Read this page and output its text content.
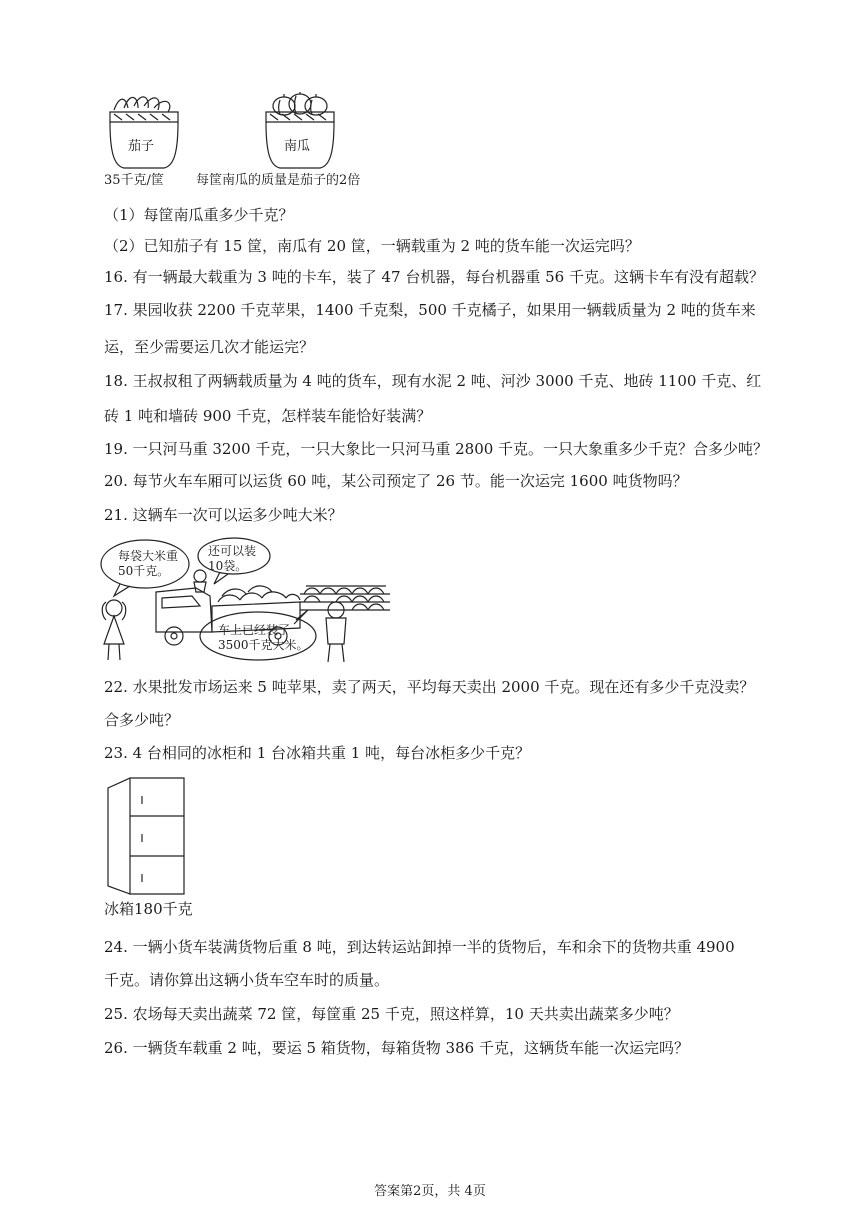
茄子	南瓜
35千克/筐 每筐南瓜的质量是茄子的2倍
（1）每筐南瓜重多少千克？
（2）已知茄子有 15 筐，南瓜有 20 筐，一辆载重为 2 吨的货车能一次运完吗？
16. 有一辆最大载重为 3 吨的卡车，装了 47 台机器，每台机器重 56 千克。这辆卡车有没有超载？
17. 果园收获 2200 千克苹果，1400 千克梨，500 千克橘子，如果用一辆载质量为 2 吨的货车来
运，至少需要运几次才能运完？
18. 王叔叔租了两辆载质量为 4 吨的货车，现有水泥 2 吨、河沙 3000 千克、地砖 1100 千克、红
砖 1 吨和墙砖 900 千克，怎样装车能恰好装满？
19. 一只河马重 3200 千克，一只大象比一只河马重 2800 千克。一只大象重多少千克？合多少吨？
20. 每节火车车厢可以运货 60 吨，某公司预定了 26 节。能一次运完 1600 吨货物吗？
21. 这辆车一次可以运多少吨大米？
每袋大米重
50千克。
还可以装
10袋。
车上已经装了
3500千克大米。
22. 水果批发市场运来 5 吨苹果，卖了两天，平均每天卖出 2000 千克。现在还有多少千克没卖？
合多少吨？
23. 4 台相同的冰柜和 1 台冰箱共重 1 吨，每台冰柜多少千克？
冰箱180千克
24. 一辆小货车装满货物后重 8 吨，到达转运站卸掉一半的货物后，车和余下的货物共重 4900
千克。请你算出这辆小货车空车时的质量。
25. 农场每天卖出蔬菜 72 筐，每筐重 25 千克，照这样算，10 天共卖出蔬菜多少吨？
26. 一辆货车载重 2 吨，要运 5 箱货物，每箱货物 386 千克，这辆货车能一次运完吗？
答案第2页，共 4页
